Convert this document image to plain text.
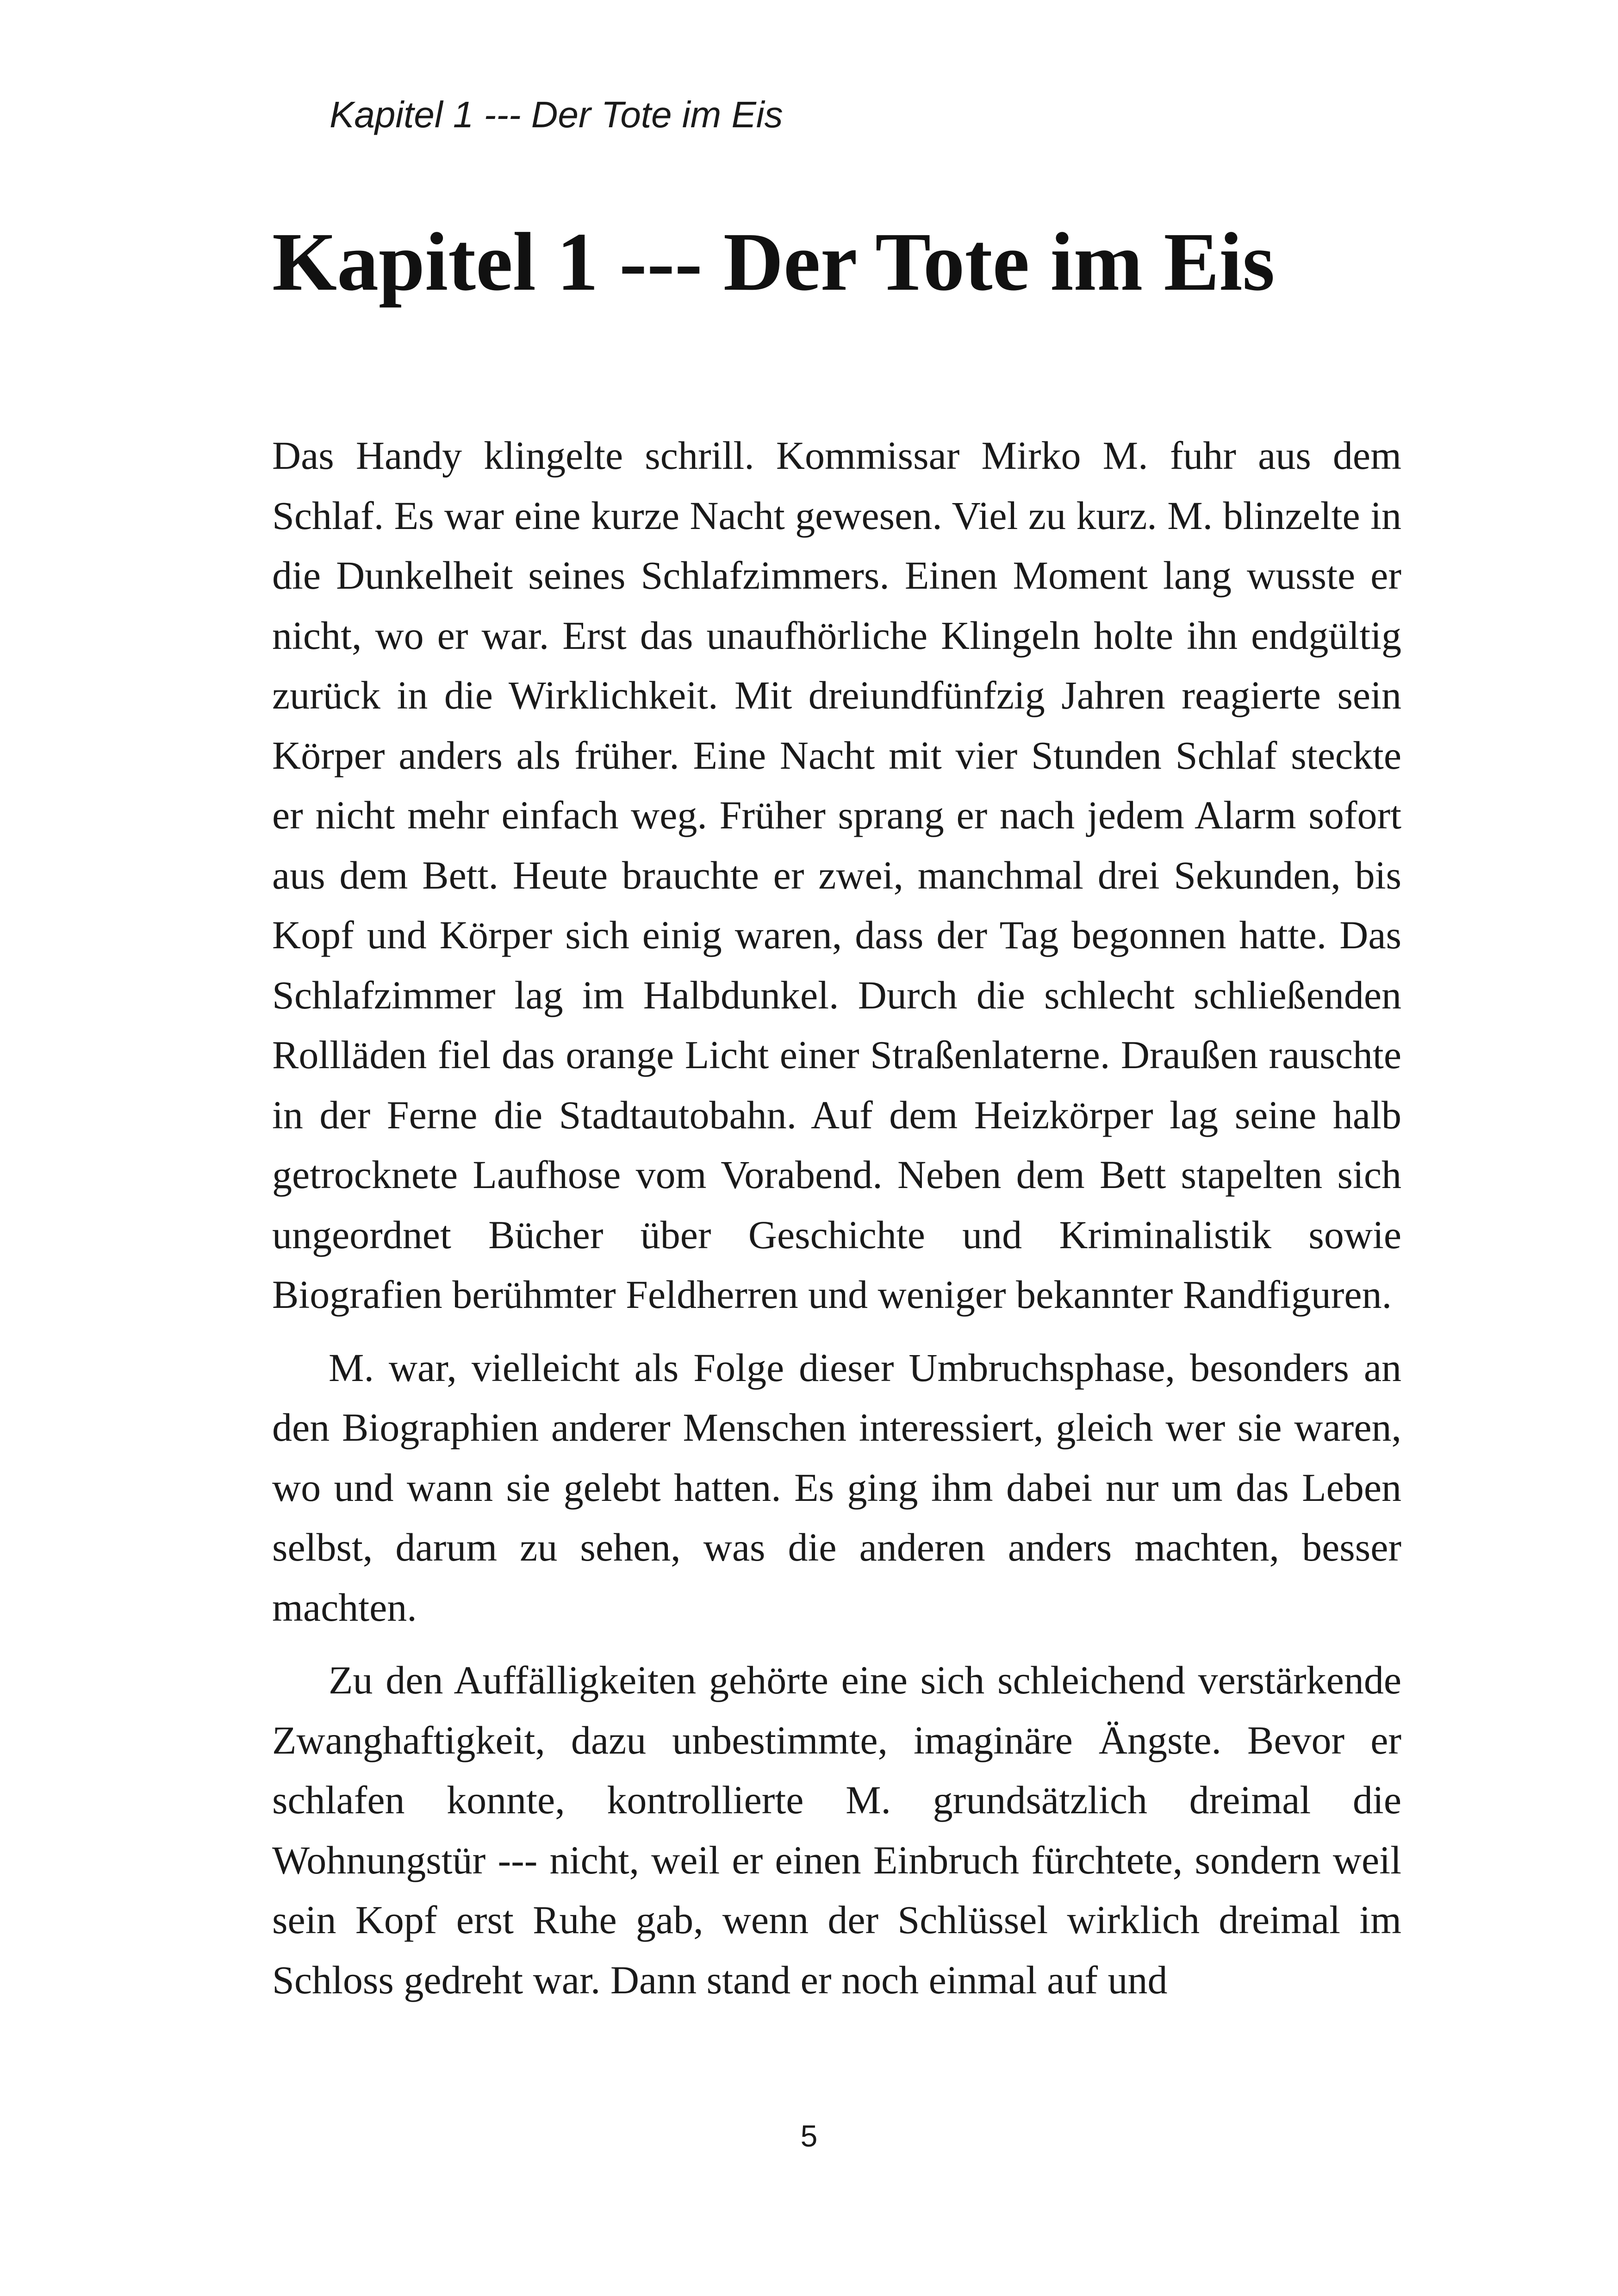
Kapitel 1 --- Der Tote im Eis
Kapitel 1 --- Der Tote im Eis

Das Handy klingelte schrill. Kommissar Mirko M. fuhr aus dem Schlaf. Es war eine kurze Nacht gewesen. Viel zu kurz. M. blinzelte in die Dunkelheit seines Schlafzimmers. Einen Moment lang wusste er nicht, wo er war. Erst das unaufhörliche Klingeln holte ihn endgültig zurück in die Wirklichkeit. Mit dreiundfünfzig Jahren reagierte sein Körper anders als früher. Eine Nacht mit vier Stunden Schlaf steckte er nicht mehr einfach weg. Früher sprang er nach jedem Alarm sofort aus dem Bett. Heute brauchte er zwei, manchmal drei Sekunden, bis Kopf und Körper sich einig waren, dass der Tag begonnen hatte. Das Schlafzimmer lag im Halbdunkel. Durch die schlecht schließenden Rollläden fiel das orange Licht einer Straßenlaterne. Draußen rauschte in der Ferne die Stadtautobahn. Auf dem Heizkörper lag seine halb getrocknete Laufhose vom Vorabend. Neben dem Bett stapelten sich ungeordnet Bücher über Geschichte und Kriminalistik sowie Biografien berühmter Feldherren und weniger bekannter Randfiguren.

M. war, vielleicht als Folge dieser Umbruchsphase, besonders an den Biographien anderer Menschen interessiert, gleich wer sie waren, wo und wann sie gelebt hatten. Es ging ihm dabei nur um das Leben selbst, darum zu sehen, was die anderen anders machten, besser machten.

Zu den Auffälligkeiten gehörte eine sich schleichend verstärkende Zwanghaftigkeit, dazu unbestimmte, imaginäre Ängste. Bevor er schlafen konnte, kontrollierte M. grundsätzlich dreimal die Wohnungstür --- nicht, weil er einen Einbruch fürchtete, sondern weil sein Kopf erst Ruhe gab, wenn der Schlüssel wirklich dreimal im Schloss gedreht war. Dann stand er noch einmal auf und

5
